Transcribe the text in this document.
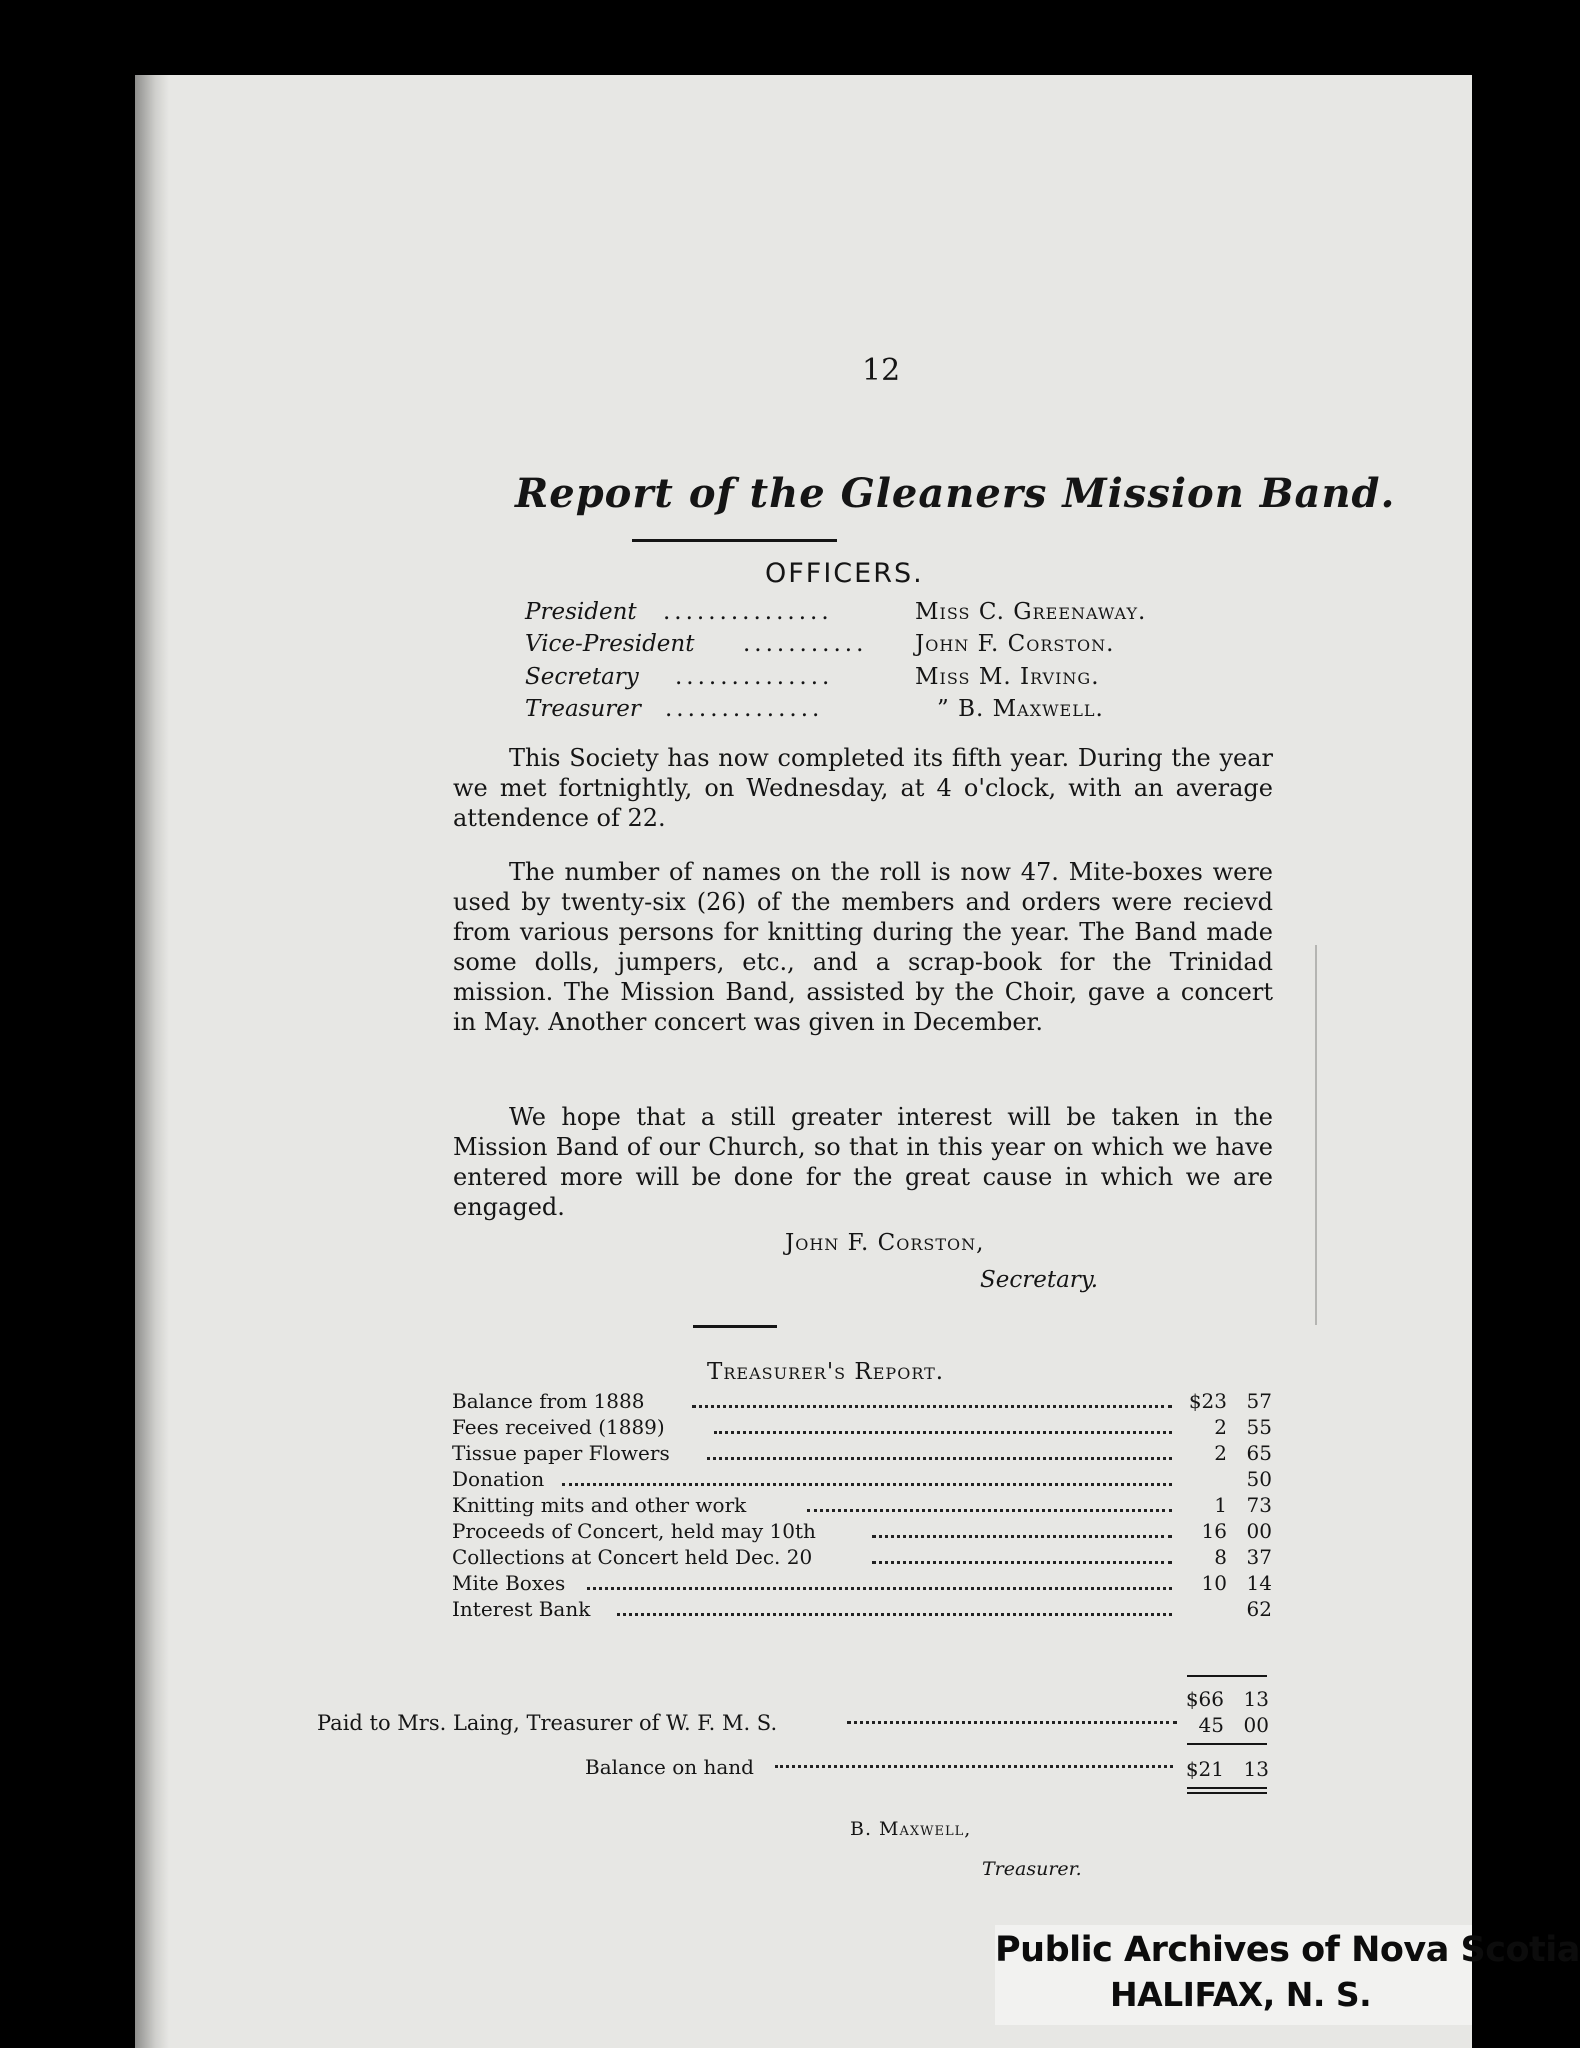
12
Report of the Gleaners Mission Band.
OFFICERS.
President ...............	Miss C. Greenaway.
Vice-President ........... John F. Corston.
Secretary ..............	Miss M. Irving.
Treasurer ..............	” B. Maxwell.
This Society has now completed its fifth year. During the year we met fortnightly, on Wednesday, at 4 o'clock, with an average attendence of 22.
The number of names on the roll is now 47. Mite-boxes were used by twenty-six (26) of the members and orders were recievd from various persons for knitting during the year. The Band made some dolls, jumpers, etc., and a scrap-book for the Trinidad mission. The Mission Band, assisted by the Choir, gave a concert in May. Another concert was given in December.
We hope that a still greater interest will be taken in the Mission Band of our Church, so that in this year on which we have entered more will be done for the great cause in which we are engaged.
John F. Corston,
Secretary.
Treasurer's Report.
Balance from 1888	$23 57
Fees received (1889)	2 55
Tissue paper Flowers	2 65
Donation	50
Knitting mits and other work	1 73
Proceeds of Concert, held may 10th	16 00
Collections at Concert held Dec. 20	8 37
Mite Boxes	10 14
Interest Bank	62
$66 13
Paid to Mrs. Laing, Treasurer of W. F. M. S.	45 00
Balance on hand	$21 13
B. Maxwell,
Treasurer.
Public Archives of Nova Scotia
HALIFAX, N. S.
